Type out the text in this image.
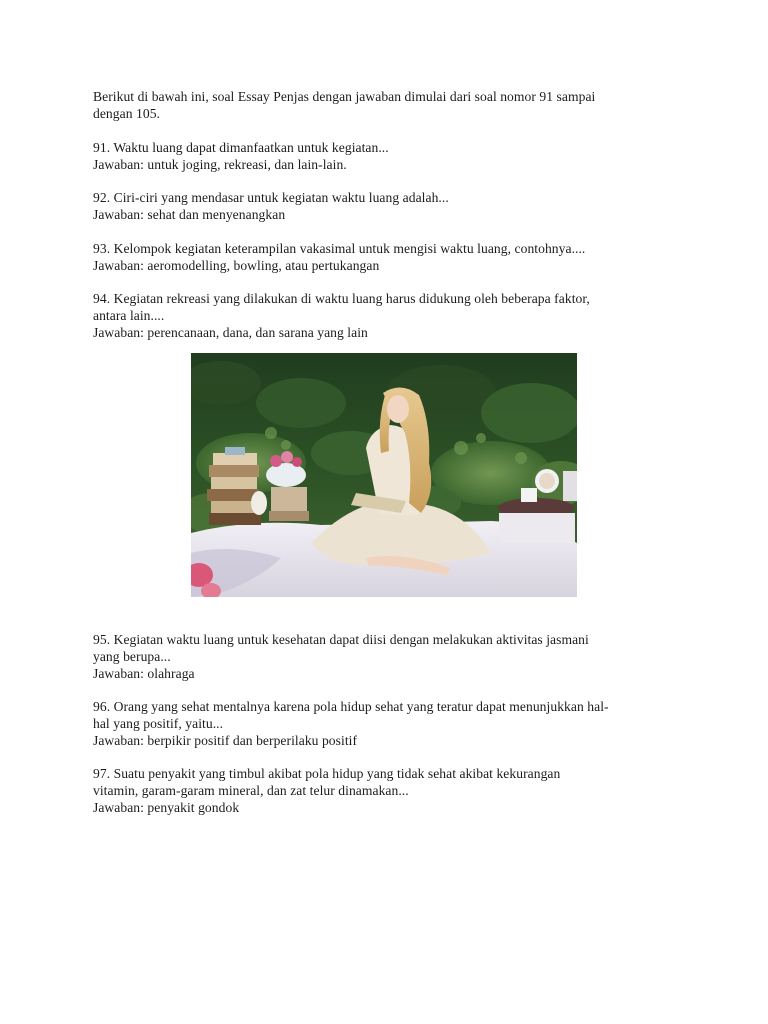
Berikut di bawah ini, soal Essay Penjas dengan jawaban dimulai dari soal nomor 91 sampai

dengan 105.

91. Waktu luang dapat dimanfaatkan untuk kegiatan...

Jawaban: untuk joging, rekreasi, dan lain-lain.

92. Ciri-ciri yang mendasar untuk kegiatan waktu luang adalah...

Jawaban: sehat dan menyenangkan

93. Kelompok kegiatan keterampilan vakasimal untuk mengisi waktu luang, contohnya....

Jawaban: aeromodelling, bowling, atau pertukangan

94. Kegiatan rekreasi yang dilakukan di waktu luang harus didukung oleh beberapa faktor,

antara lain....

Jawaban: perencanaan, dana, dan sarana yang lain

95. Kegiatan waktu luang untuk kesehatan dapat diisi dengan melakukan aktivitas jasmani

yang berupa...

Jawaban: olahraga

96. Orang yang sehat mentalnya karena pola hidup sehat yang teratur dapat menunjukkan hal-

hal yang positif, yaitu...

Jawaban: berpikir positif dan berperilaku positif

97. Suatu penyakit yang timbul akibat pola hidup yang tidak sehat akibat kekurangan

vitamin, garam-garam mineral, dan zat telur dinamakan...

Jawaban: penyakit gondok
